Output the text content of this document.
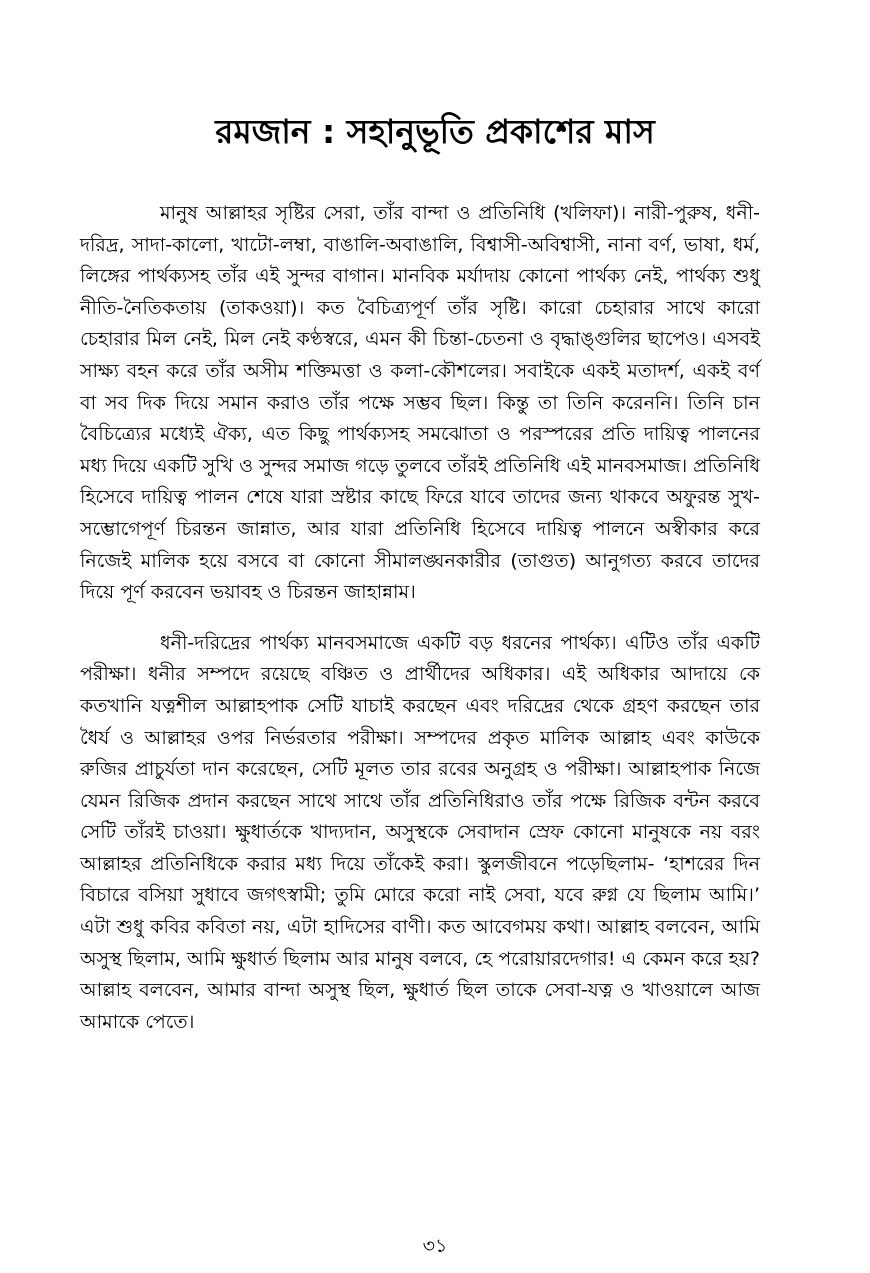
রমজান : সহানুভূতি প্রকাশের মাস

মানুষ আল্লাহর সৃষ্টির সেরা, তাঁর বান্দা ও প্রতিনিধি (খলিফা)। নারী-পুরুষ, ধনী-দরিদ্র, সাদা-কালো, খাটো-লম্বা, বাঙালি-অবাঙালি, বিশ্বাসী-অবিশ্বাসী, নানা বর্ণ, ভাষা, ধর্ম, লিঙ্গের পার্থক্যসহ তাঁর এই সুন্দর বাগান। মানবিক মর্যাদায় কোনো পার্থক্য নেই, পার্থক্য শুধু নীতি-নৈতিকতায় (তাকওয়া)। কত বৈচিত্র্যপূর্ণ তাঁর সৃষ্টি। কারো চেহারার সাথে কারো চেহারার মিল নেই, মিল নেই কণ্ঠস্বরে, এমন কী চিন্তা-চেতনা ও বৃদ্ধাঙ্গুলির ছাপেও। এসবই সাক্ষ্য বহন করে তাঁর অসীম শক্তিমত্তা ও কলা-কৌশলের। সবাইকে একই মতাদর্শ, একই বর্ণ বা সব দিক দিয়ে সমান করাও তাঁর পক্ষে সম্ভব ছিল। কিন্তু তা তিনি করেননি। তিনি চান বৈচিত্র্যের মধ্যেই ঐক্য, এত কিছু পার্থক্যসহ সমঝোতা ও পরস্পরের প্রতি দায়িত্ব পালনের মধ্য দিয়ে একটি সুখি ও সুন্দর সমাজ গড়ে তুলবে তাঁরই প্রতিনিধি এই মানবসমাজ। প্রতিনিধি হিসেবে দায়িত্ব পালন শেষে যারা স্রষ্টার কাছে ফিরে যাবে তাদের জন্য থাকবে অফুরন্ত সুখ-সম্ভোগেপূর্ণ চিরন্তন জান্নাত, আর যারা প্রতিনিধি হিসেবে দায়িত্ব পালনে অস্বীকার করে নিজেই মালিক হয়ে বসবে বা কোনো সীমালঙ্ঘনকারীর (তাগুত) আনুগত্য করবে তাদের দিয়ে পূর্ণ করবেন ভয়াবহ ও চিরন্তন জাহান্নাম।

ধনী-দরিদ্রের পার্থক্য মানবসমাজে একটি বড় ধরনের পার্থক্য। এটিও তাঁর একটি পরীক্ষা। ধনীর সম্পদে রয়েছে বঞ্চিত ও প্রার্থীদের অধিকার। এই অধিকার আদায়ে কে কতখানি যত্নশীল আল্লাহপাক সেটি যাচাই করছেন এবং দরিদ্রের থেকে গ্রহণ করছেন তার ধৈর্য ও আল্লাহর ওপর নির্ভরতার পরীক্ষা। সম্পদের প্রকৃত মালিক আল্লাহ এবং কাউকে রুজির প্রাচুর্যতা দান করেছেন, সেটি মূলত তার রবের অনুগ্রহ ও পরীক্ষা। আল্লাহপাক নিজে যেমন রিজিক প্রদান করছেন সাথে সাথে তাঁর প্রতিনিধিরাও তাঁর পক্ষে রিজিক বন্টন করবে সেটি তাঁরই চাওয়া। ক্ষুধার্তকে খাদ্যদান, অসুস্থকে সেবাদান স্রেফ কোনো মানুষকে নয় বরং আল্লাহর প্রতিনিধিকে করার মধ্য দিয়ে তাঁকেই করা। স্কুলজীবনে পড়েছিলাম- ‘হাশরের দিন বিচারে বসিয়া সুধাবে জগৎস্বামী; তুমি মোরে করো নাই সেবা, যবে রুগ্ন যে ছিলাম আমি।’ এটা শুধু কবির কবিতা নয়, এটা হাদিসের বাণী। কত আবেগময় কথা। আল্লাহ বলবেন, আমি অসুস্থ ছিলাম, আমি ক্ষুধার্ত ছিলাম আর মানুষ বলবে, হে পরোয়ারদেগার! এ কেমন করে হয়? আল্লাহ বলবেন, আমার বান্দা অসুস্থ ছিল, ক্ষুধার্ত ছিল তাকে সেবা-যত্ন ও খাওয়ালে আজ আমাকে পেতে।

৩১
